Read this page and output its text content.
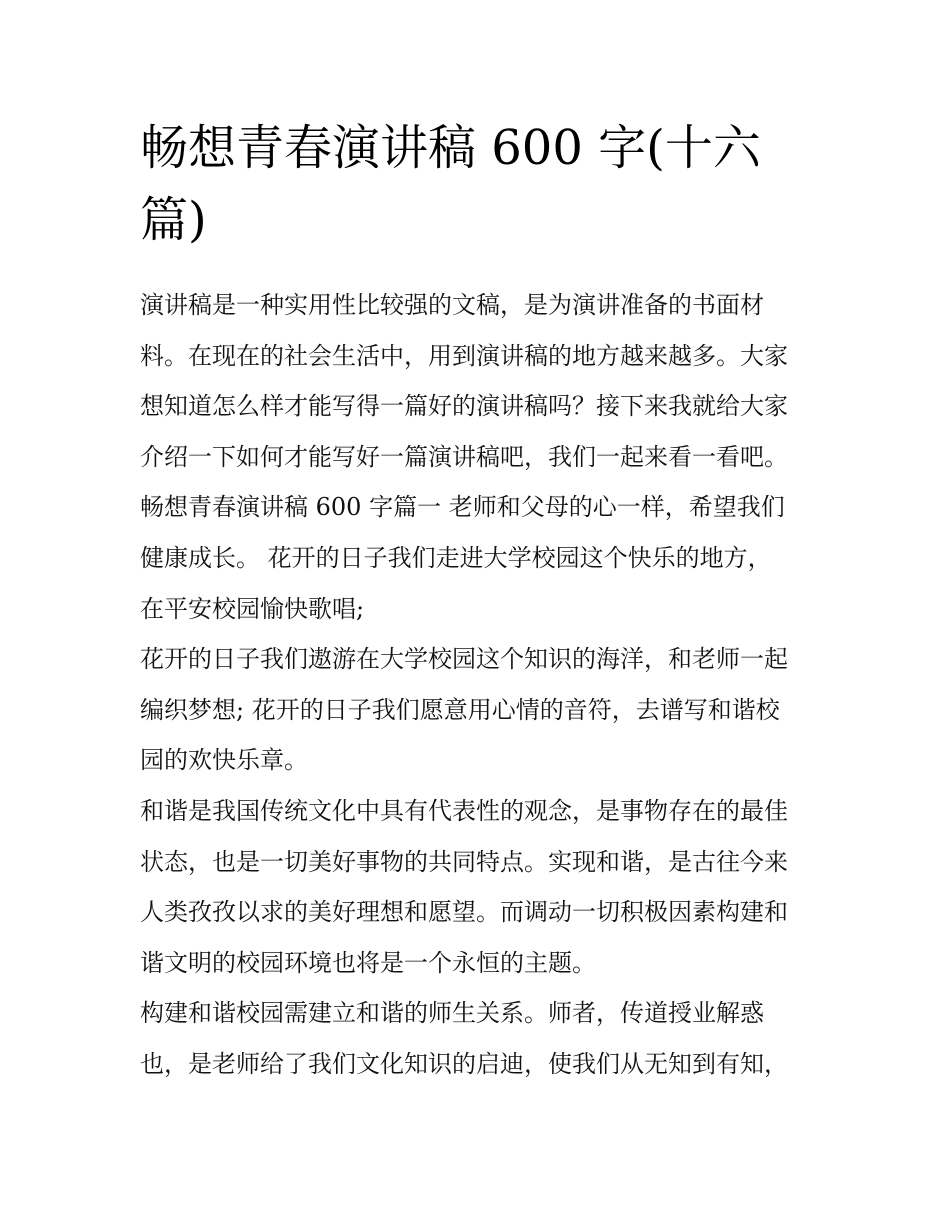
畅想青春演讲稿 600 字(十六
篇)
演讲稿是一种实用性比较强的文稿，是为演讲准备的书面材
料。在现在的社会生活中，用到演讲稿的地方越来越多。大家
想知道怎么样才能写得一篇好的演讲稿吗？接下来我就给大家
介绍一下如何才能写好一篇演讲稿吧，我们一起来看一看吧。
畅想青春演讲稿 600 字篇一 老师和父母的心一样，希望我们
健康成长。 花开的日子我们走进大学校园这个快乐的地方，
在平安校园愉快歌唱;
花开的日子我们遨游在大学校园这个知识的海洋，和老师一起
编织梦想; 花开的日子我们愿意用心情的音符，去谱写和谐校
园的欢快乐章。
和谐是我国传统文化中具有代表性的观念，是事物存在的最佳
状态，也是一切美好事物的共同特点。实现和谐，是古往今来
人类孜孜以求的美好理想和愿望。而调动一切积极因素构建和
谐文明的校园环境也将是一个永恒的主题。
构建和谐校园需建立和谐的师生关系。师者，传道授业解惑
也，是老师给了我们文化知识的启迪，使我们从无知到有知，
